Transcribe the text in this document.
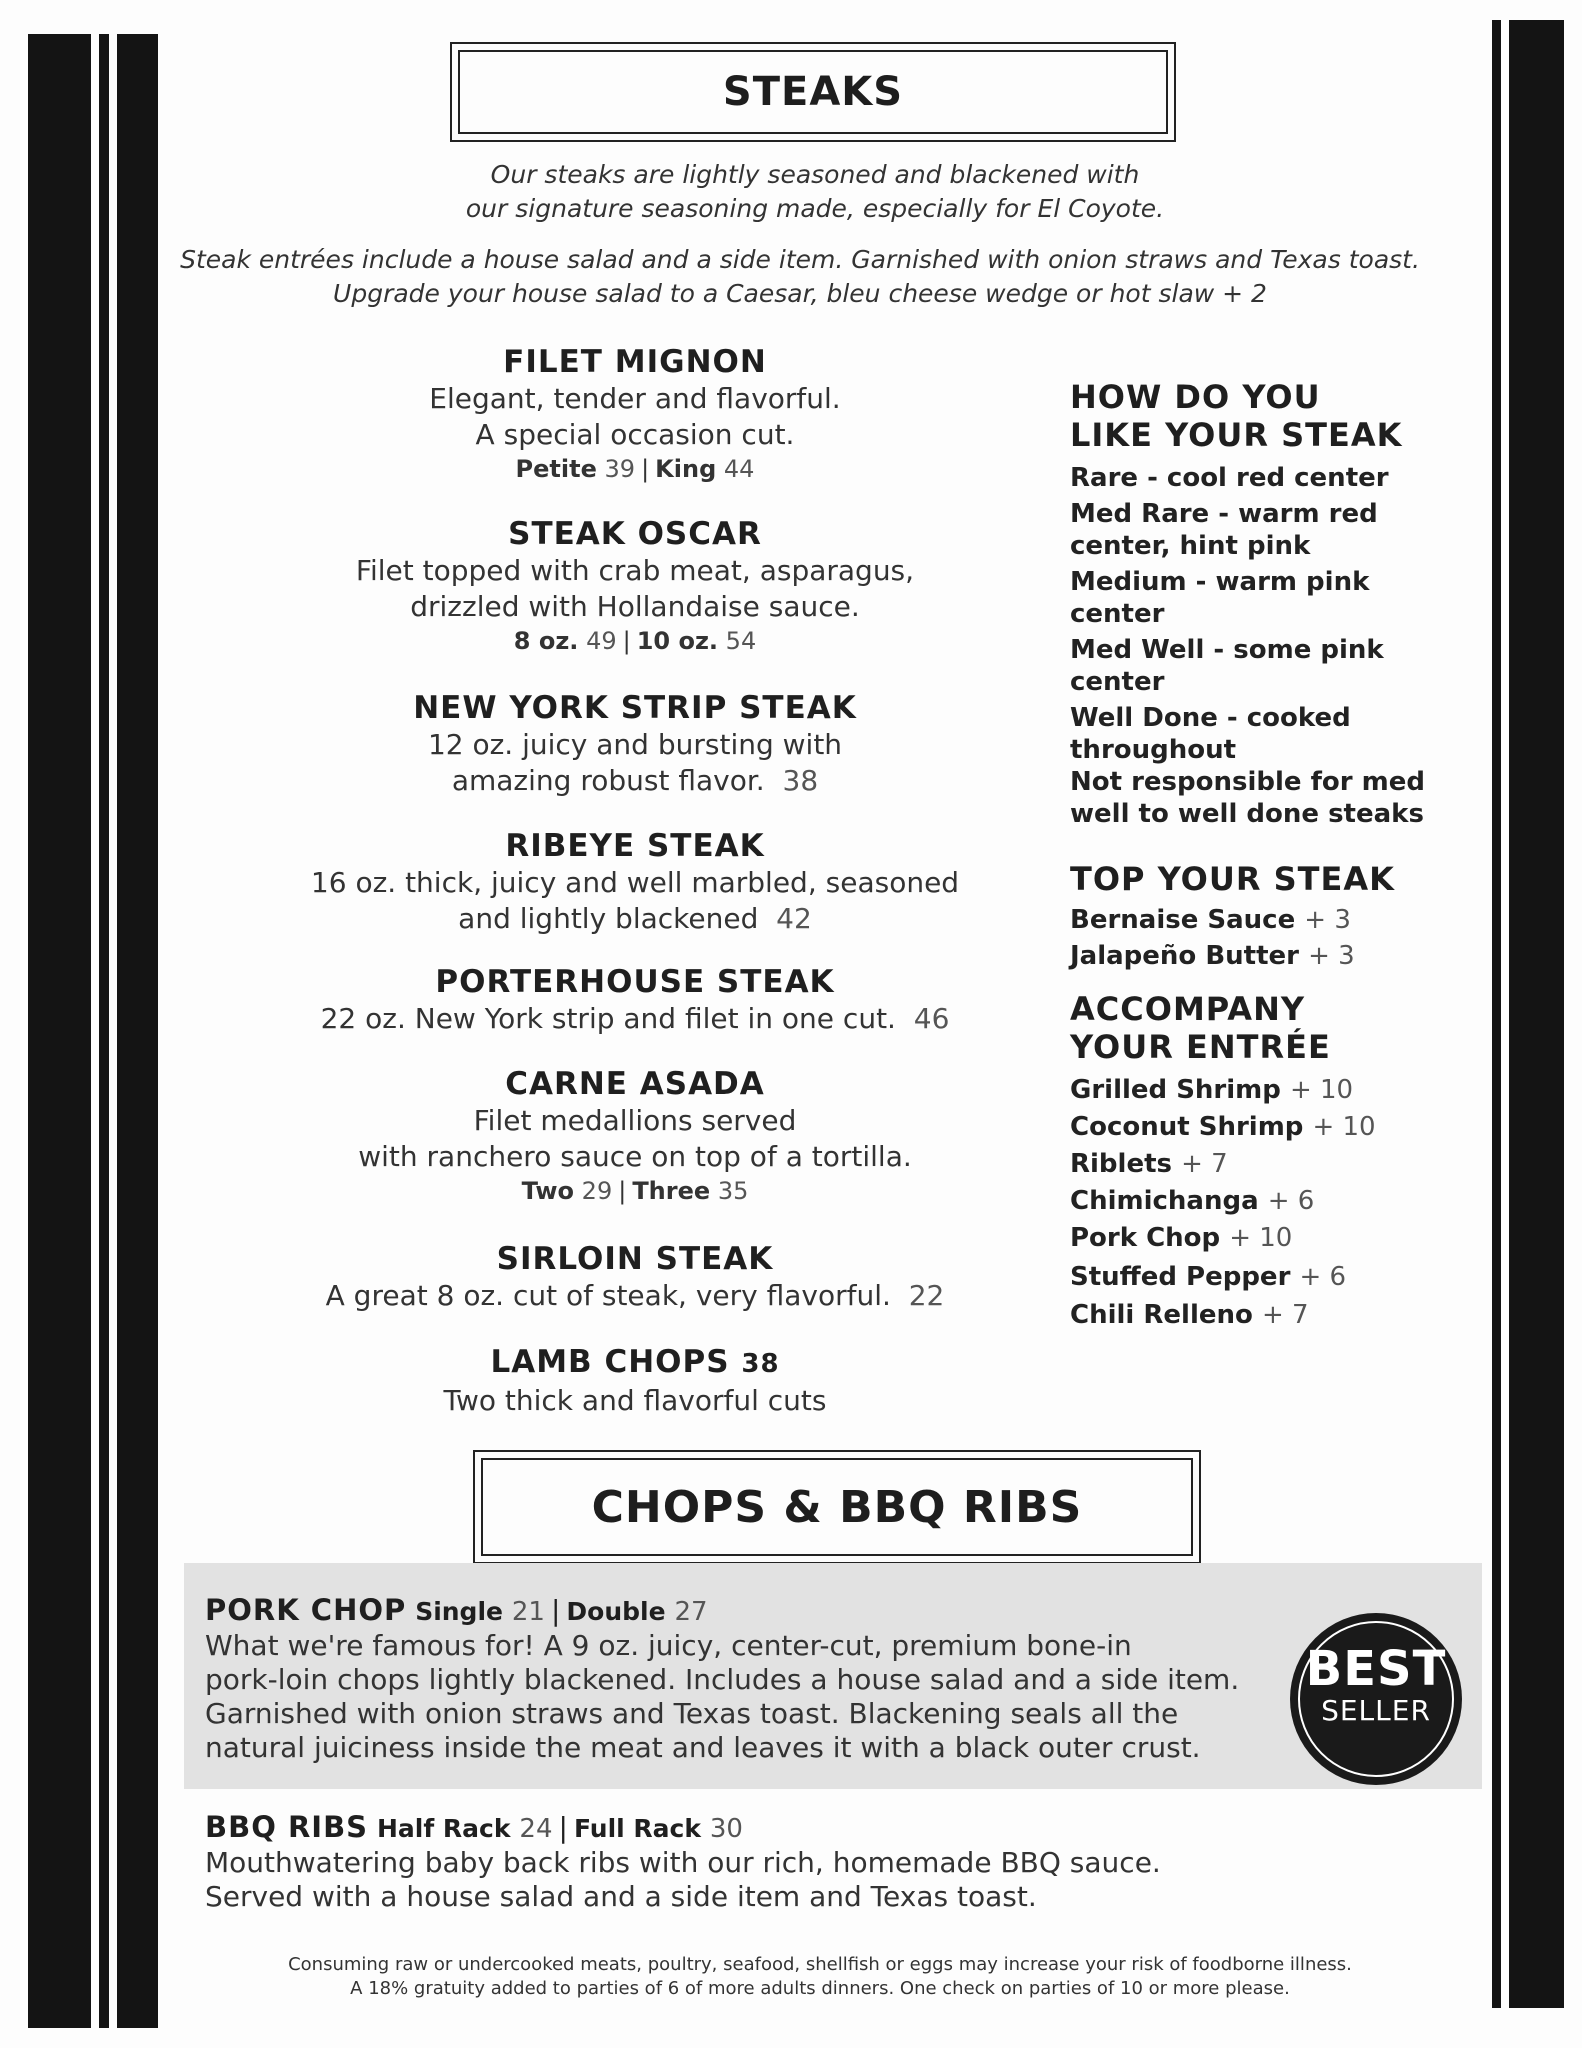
STEAKS
Our steaks are lightly seasoned and blackened with
our signature seasoning made, especially for El Coyote.
Steak entrées include a house salad and a side item. Garnished with onion straws and Texas toast.
Upgrade your house salad to a Caesar, bleu cheese wedge or hot slaw + 2
FILET MIGNON
Elegant, tender and flavorful.
A special occasion cut.
Petite 39 | King 44
STEAK OSCAR
Filet topped with crab meat, asparagus,
drizzled with Hollandaise sauce.
8 oz. 49 | 10 oz. 54
NEW YORK STRIP STEAK
12 oz. juicy and bursting with
amazing robust flavor. 38
RIBEYE STEAK
16 oz. thick, juicy and well marbled, seasoned
and lightly blackened 42
PORTERHOUSE STEAK
22 oz. New York strip and filet in one cut. 46
CARNE ASADA
Filet medallions served
with ranchero sauce on top of a tortilla.
Two 29 | Three 35
SIRLOIN STEAK
A great 8 oz. cut of steak, very flavorful. 22
LAMB CHOPS 38
Two thick and flavorful cuts
HOW DO YOU
LIKE YOUR STEAK
Rare - cool red center
Med Rare - warm red
center, hint pink
Medium - warm pink
center
Med Well - some pink
center
Well Done - cooked
throughout
Not responsible for med
well to well done steaks
TOP YOUR STEAK
Bernaise Sauce + 3
Jalapeño Butter + 3
ACCOMPANY
YOUR ENTRÉE
Grilled Shrimp + 10
Coconut Shrimp + 10
Riblets + 7
Chimichanga + 6
Pork Chop + 10
Stuffed Pepper + 6
Chili Relleno + 7
CHOPS & BBQ RIBS
PORK CHOP Single 21 | Double 27
What we're famous for! A 9 oz. juicy, center-cut, premium bone-in
pork-loin chops lightly blackened. Includes a house salad and a side item.
Garnished with onion straws and Texas toast. Blackening seals all the
natural juiciness inside the meat and leaves it with a black outer crust.
BEST
SELLER
BBQ RIBS Half Rack 24 | Full Rack 30
Mouthwatering baby back ribs with our rich, homemade BBQ sauce.
Served with a house salad and a side item and Texas toast.
Consuming raw or undercooked meats, poultry, seafood, shellfish or eggs may increase your risk of foodborne illness.
A 18% gratuity added to parties of 6 of more adults dinners. One check on parties of 10 or more please.
